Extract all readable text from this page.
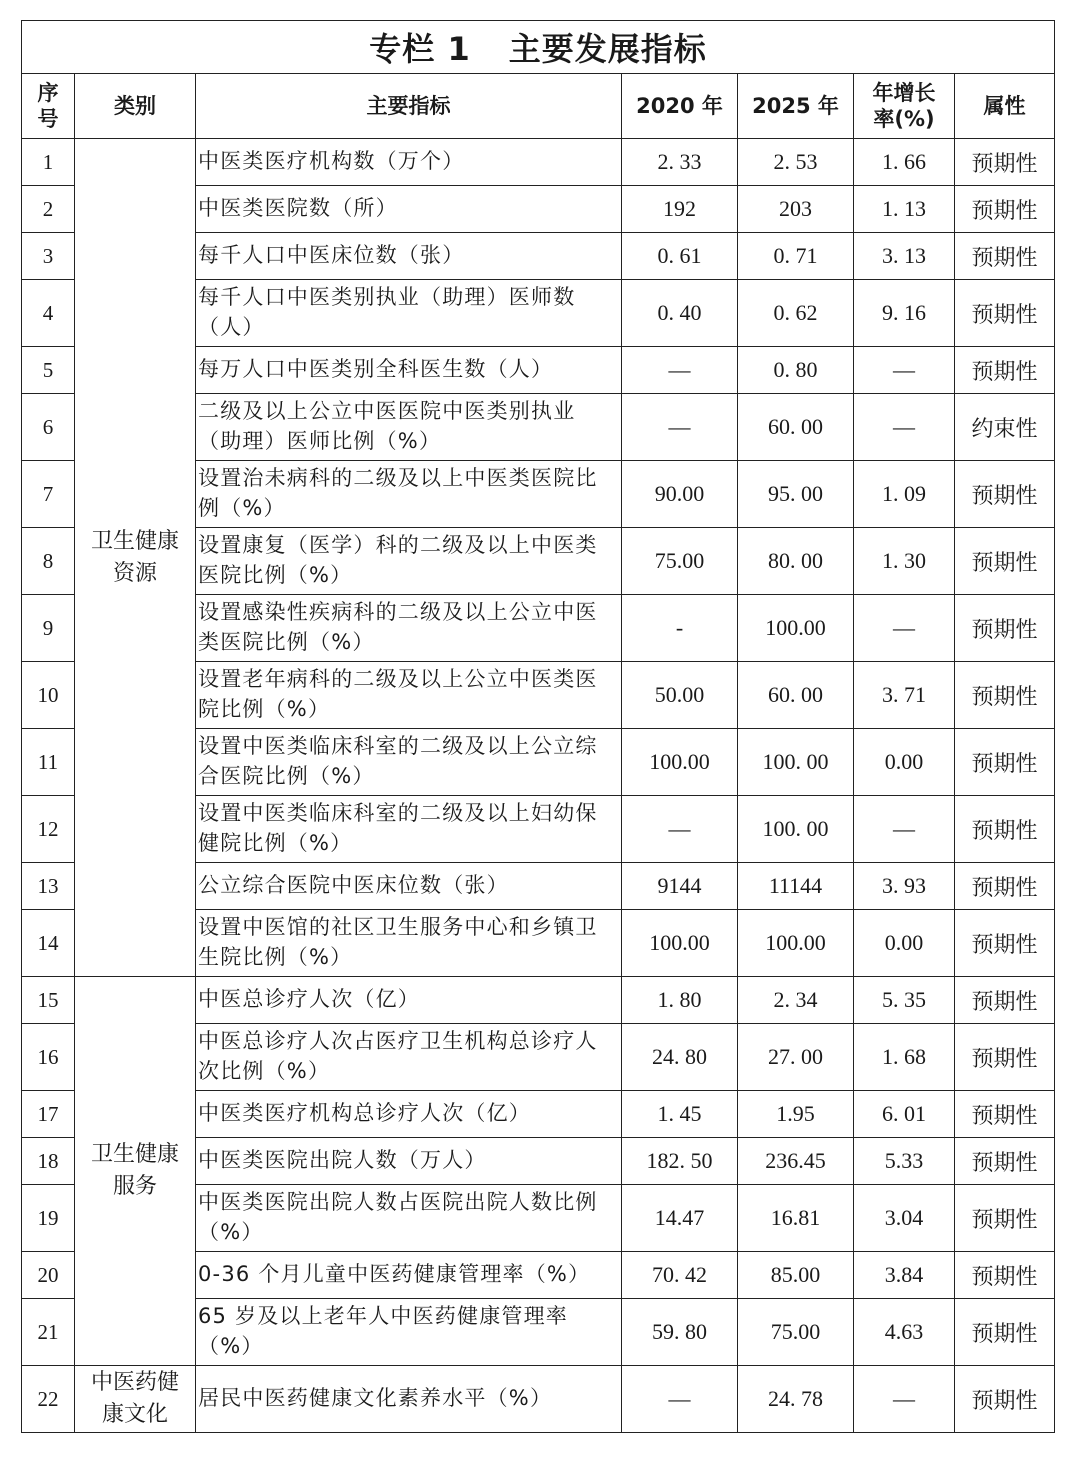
专栏 1 主要发展指标						
序号	类别	主要指标	2020 年	2025 年	年增长率(%)	属性
1	卫生健康资源	中医类医疗机构数（万个）	2. 33	2. 53	1. 66	预期性
2		中医类医院数（所）	192	203	1. 13	预期性
3		每千人口中医床位数（张）	0. 61	0. 71	3. 13	预期性
4		每千人口中医类别执业（助理）医师数（人）	0. 40	0. 62	9. 16	预期性
5		每万人口中医类别全科医生数（人）	—	0. 80	—	预期性
6		二级及以上公立中医医院中医类别执业（助理）医师比例（%）	—	60. 00	—	约束性
7		设置治未病科的二级及以上中医类医院比例（%）	90.00	95. 00	1. 09	预期性
8		设置康复（医学）科的二级及以上中医类医院比例（%）	75.00	80. 00	1. 30	预期性
9		设置感染性疾病科的二级及以上公立中医类医院比例（%）	-	100.00	—	预期性
10		设置老年病科的二级及以上公立中医类医院比例（%）	50.00	60. 00	3. 71	预期性
11		设置中医类临床科室的二级及以上公立综合医院比例（%）	100.00	100. 00	0.00	预期性
12		设置中医类临床科室的二级及以上妇幼保健院比例（%）	—	100. 00	—	预期性
13		公立综合医院中医床位数（张）	9144	11144	3. 93	预期性
14		设置中医馆的社区卫生服务中心和乡镇卫生院比例（%）	100.00	100.00	0.00	预期性
15	卫生健康服务	中医总诊疗人次（亿）	1. 80	2. 34	5. 35	预期性
16		中医总诊疗人次占医疗卫生机构总诊疗人次比例（%）	24. 80	27. 00	1. 68	预期性
17		中医类医疗机构总诊疗人次（亿）	1. 45	1.95	6. 01	预期性
18		中医类医院出院人数（万人）	182. 50	236.45	5.33	预期性
19		中医类医院出院人数占医院出院人数比例（%）	14.47	16.81	3.04	预期性
20		0-36 个月儿童中医药健康管理率（%）	70. 42	85.00	3.84	预期性
21		65 岁及以上老年人中医药健康管理率（%）	59. 80	75.00	4.63	预期性
22	中医药健康文化	居民中医药健康文化素养水平（%）	—	24. 78	—	预期性
